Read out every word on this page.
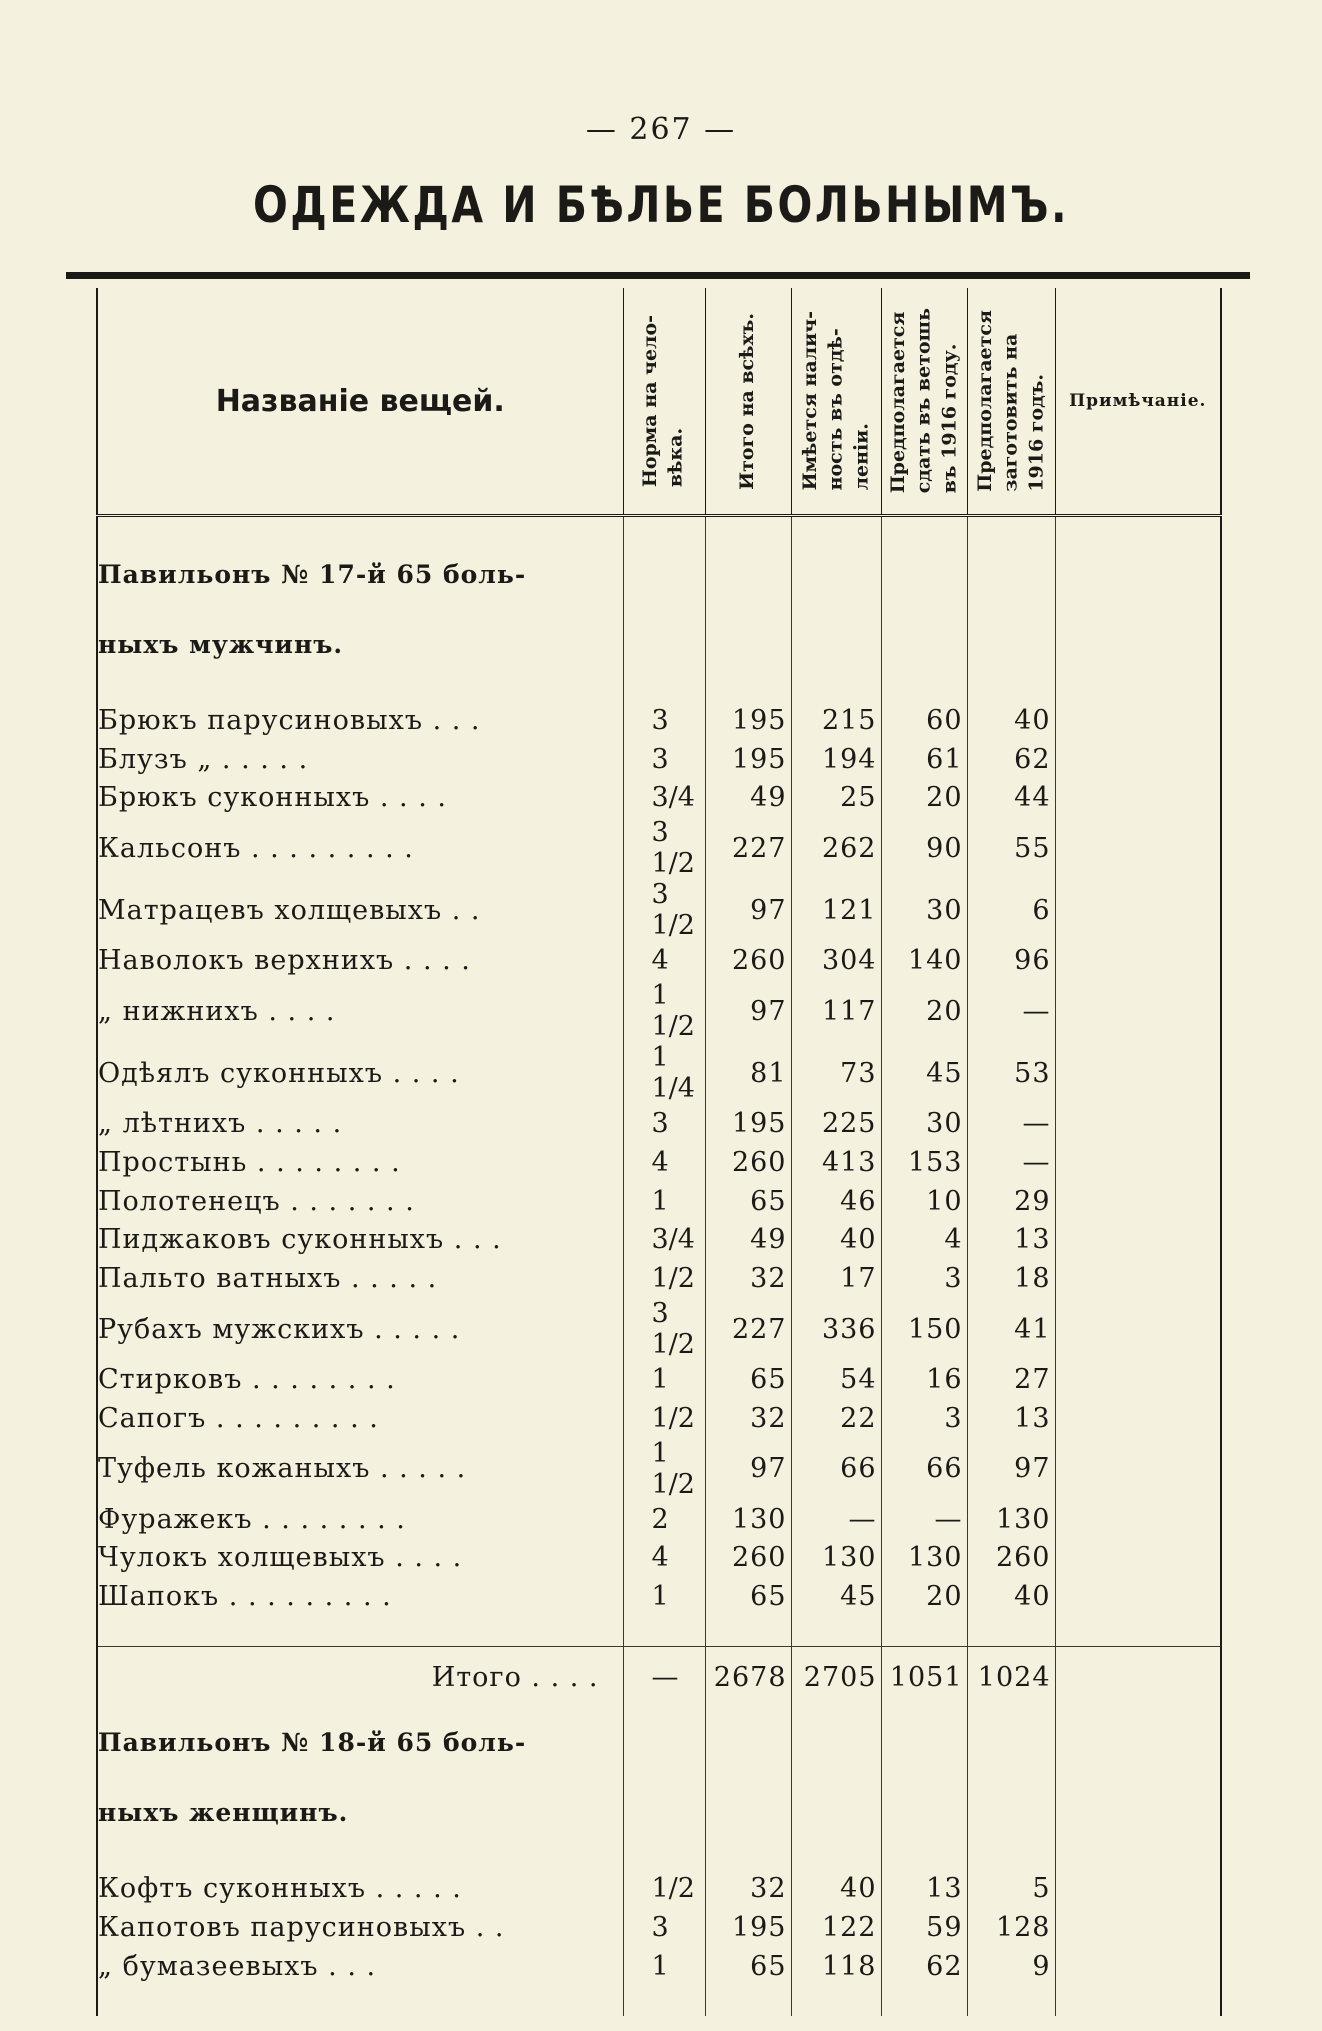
— 267 —
ОДЕЖДА И БѢЛЬЕ БОЛЬНЫМЪ.
Названіе вещей.	Норма на чело-
вѣка.	Итого на всѣхъ.	Имѣется налич-
ность въ отдѣ-
леніи.	Предполагается
сдать въ ветошь
въ 1916 году.	Предполагается
заготовить на
1916 годъ.	Примѣчаніе.

Павильонъ № 17-й 65 боль-						
ныхъ мужчинъ.						

Брюкъ парусиновыхъ . . .	3	195	215	60	40	
Блузъ „ . . . . .	3	195	194	61	62	
Брюкъ суконныхъ . . . .	3/4	49	25	20	44	
Кальсонъ . . . . . . . . .	3 1/2	227	262	90	55	
Матрацевъ холщевыхъ . .	3 1/2	97	121	30	6	
Наволокъ верхнихъ . . . .	4	260	304	140	96	
„ нижнихъ . . . .	1 1/2	97	117	20	—	
Одѣялъ суконныхъ . . . .	1 1/4	81	73	45	53	
„ лѣтнихъ . . . . .	3	195	225	30	—	
Простынь . . . . . . . .	4	260	413	153	—	
Полотенецъ . . . . . . .	1	65	46	10	29	
Пиджаковъ суконныхъ . . .	3/4	49	40	4	13	
Пальто ватныхъ . . . . .	1/2	32	17	3	18	
Рубахъ мужскихъ . . . . .	3 1/2	227	336	150	41	
Стирковъ . . . . . . . .	1	65	54	16	27	
Сапогъ . . . . . . . . .	1/2	32	22	3	13	
Туфель кожаныхъ . . . . .	1 1/2	97	66	66	97	
Фуражекъ . . . . . . . .	2	130	—	—	130	
Чулокъ холщевыхъ . . . .	4	260	130	130	260	
Шапокъ . . . . . . . . .	1	65	45	20	40	

Итого . . . .	—	2678	2705	1051	1024	
Павильонъ № 18-й 65 боль-						
ныхъ женщинъ.						

Кофтъ суконныхъ . . . . .	1/2	32	40	13	5	
Капотовъ парусиновыхъ . .	3	195	122	59	128	
„ бумазеевыхъ . . .	1	65	118	62	9	
